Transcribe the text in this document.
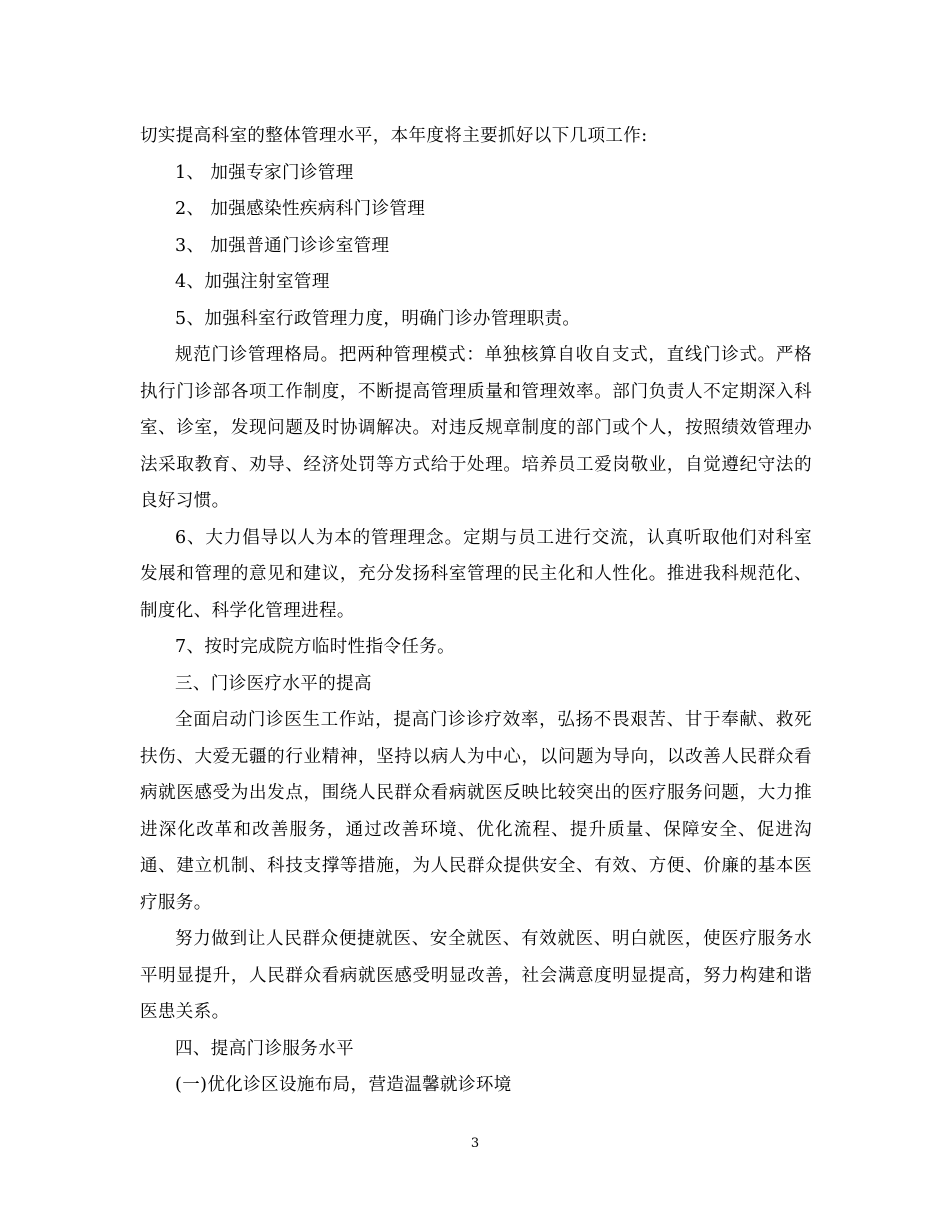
切实提高科室的整体管理水平，本年度将主要抓好以下几项工作:

1、 加强专家门诊管理

2、 加强感染性疾病科门诊管理

3、 加强普通门诊诊室管理

4、加强注射室管理

5、加强科室行政管理力度，明确门诊办管理职责。

规范门诊管理格局。把两种管理模式：单独核算自收自支式，直线门诊式。严格执行门诊部各项工作制度，不断提高管理质量和管理效率。部门负责人不定期深入科室、诊室，发现问题及时协调解决。对违反规章制度的部门或个人，按照绩效管理办法采取教育、劝导、经济处罚等方式给于处理。培养员工爱岗敬业，自觉遵纪守法的良好习惯。

6、大力倡导以人为本的管理理念。定期与员工进行交流，认真听取他们对科室发展和管理的意见和建议，充分发扬科室管理的民主化和人性化。推进我科规范化、制度化、科学化管理进程。

7、按时完成院方临时性指令任务。

三、门诊医疗水平的提高

全面启动门诊医生工作站，提高门诊诊疗效率，弘扬不畏艰苦、甘于奉献、救死扶伤、大爱无疆的行业精神，坚持以病人为中心，以问题为导向，以改善人民群众看病就医感受为出发点，围绕人民群众看病就医反映比较突出的医疗服务问题，大力推进深化改革和改善服务，通过改善环境、优化流程、提升质量、保障安全、促进沟通、建立机制、科技支撑等措施，为人民群众提供安全、有效、方便、价廉的基本医疗服务。

努力做到让人民群众便捷就医、安全就医、有效就医、明白就医，使医疗服务水平明显提升，人民群众看病就医感受明显改善，社会满意度明显提高，努力构建和谐医患关系。

四、提高门诊服务水平

(一)优化诊区设施布局，营造温馨就诊环境

3
